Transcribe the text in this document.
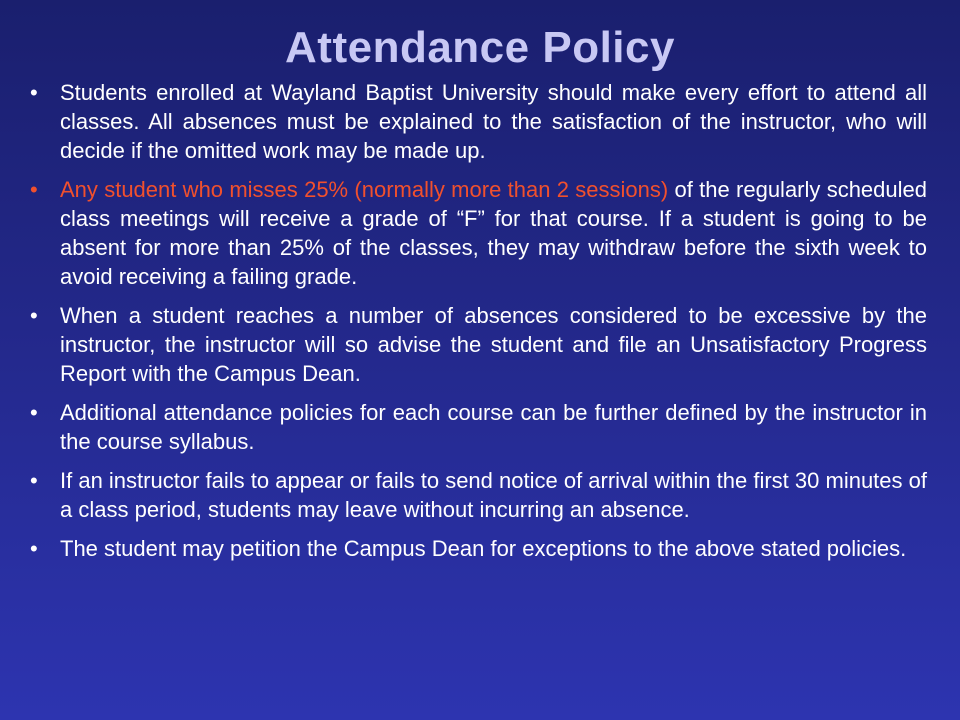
Attendance Policy
• Students enrolled at Wayland Baptist University should make every effort to attend all classes. All absences must be explained to the satisfaction of the instructor, who will decide if the omitted work may be made up.
• Any student who misses 25% (normally more than 2 sessions) of the regularly scheduled class meetings will receive a grade of “F” for that course. If a student is going to be absent for more than 25% of the classes, they may withdraw before the sixth week to avoid receiving a failing grade.
• When a student reaches a number of absences considered to be excessive by the instructor, the instructor will so advise the student and file an Unsatisfactory Progress Report with the Campus Dean.
• Additional attendance policies for each course can be further defined by the instructor in the course syllabus.
• If an instructor fails to appear or fails to send notice of arrival within the first 30 minutes of a class period, students may leave without incurring an absence.
• The student may petition the Campus Dean for exceptions to the above stated policies.
